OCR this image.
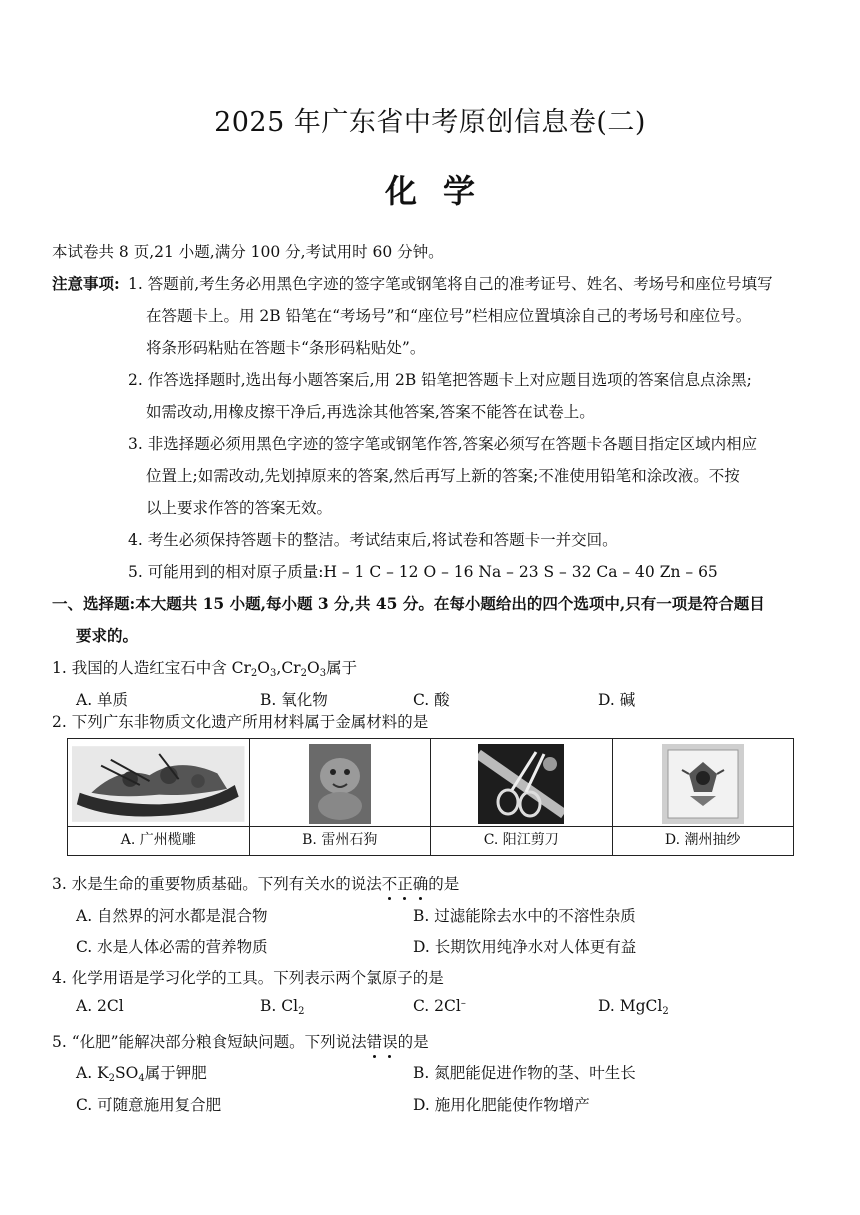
2025 年广东省中考原创信息卷(二)
化学
本试卷共 8 页,21 小题,满分 100 分,考试用时 60 分钟。
注意事项: 1. 答题前,考生务必用黑色字迹的签字笔或钢笔将自己的准考证号、姓名、考场号和座位号填写
在答题卡上。用 2B 铅笔在“考场号”和“座位号”栏相应位置填涂自己的考场号和座位号。
将条形码粘贴在答题卡“条形码粘贴处”。
2. 作答选择题时,选出每小题答案后,用 2B 铅笔把答题卡上对应题目选项的答案信息点涂黑;
如需改动,用橡皮擦干净后,再选涂其他答案,答案不能答在试卷上。
3. 非选择题必须用黑色字迹的签字笔或钢笔作答,答案必须写在答题卡各题目指定区域内相应
位置上;如需改动,先划掉原来的答案,然后再写上新的答案;不准使用铅笔和涂改液。不按
以上要求作答的答案无效。
4. 考生必须保持答题卡的整洁。考试结束后,将试卷和答题卡一并交回。
5. 可能用到的相对原子质量:H – 1 C – 12 O – 16 Na – 23 S – 32 Ca – 40 Zn – 65
一、选择题:本大题共 15 小题,每小题 3 分,共 45 分。在每小题给出的四个选项中,只有一项是符合题目
要求的。
1. 我国的人造红宝石中含 $Cr_2O_3,Cr_2O_3$属于
A. 单质	B. 氧化物	C. 酸	D. 碱
2. 下列广东非物质文化遗产所用材料属于金属材料的是
A. 广州榄雕	B. 雷州石狗	C. 阳江剪刀	D. 潮州抽纱
3. 水是生命的重要物质基础。下列有关水的说法不正确的是
A. 自然界的河水都是混合物	B. 过滤能除去水中的不溶性杂质
C. 水是人体必需的营养物质	D. 长期饮用纯净水对人体更有益
4. 化学用语是学习化学的工具。下列表示两个氯原子的是
A. 2Cl	B. $Cl_2$	C. 2Cl–	D. MgCl$_2$
5. “化肥”能解决部分粮食短缺问题。下列说法错误的是
A. $K_2SO_4$属于钾肥	B. 氮肥能促进作物的茎、叶生长
C. 可随意施用复合肥	D. 施用化肥能使作物增产
